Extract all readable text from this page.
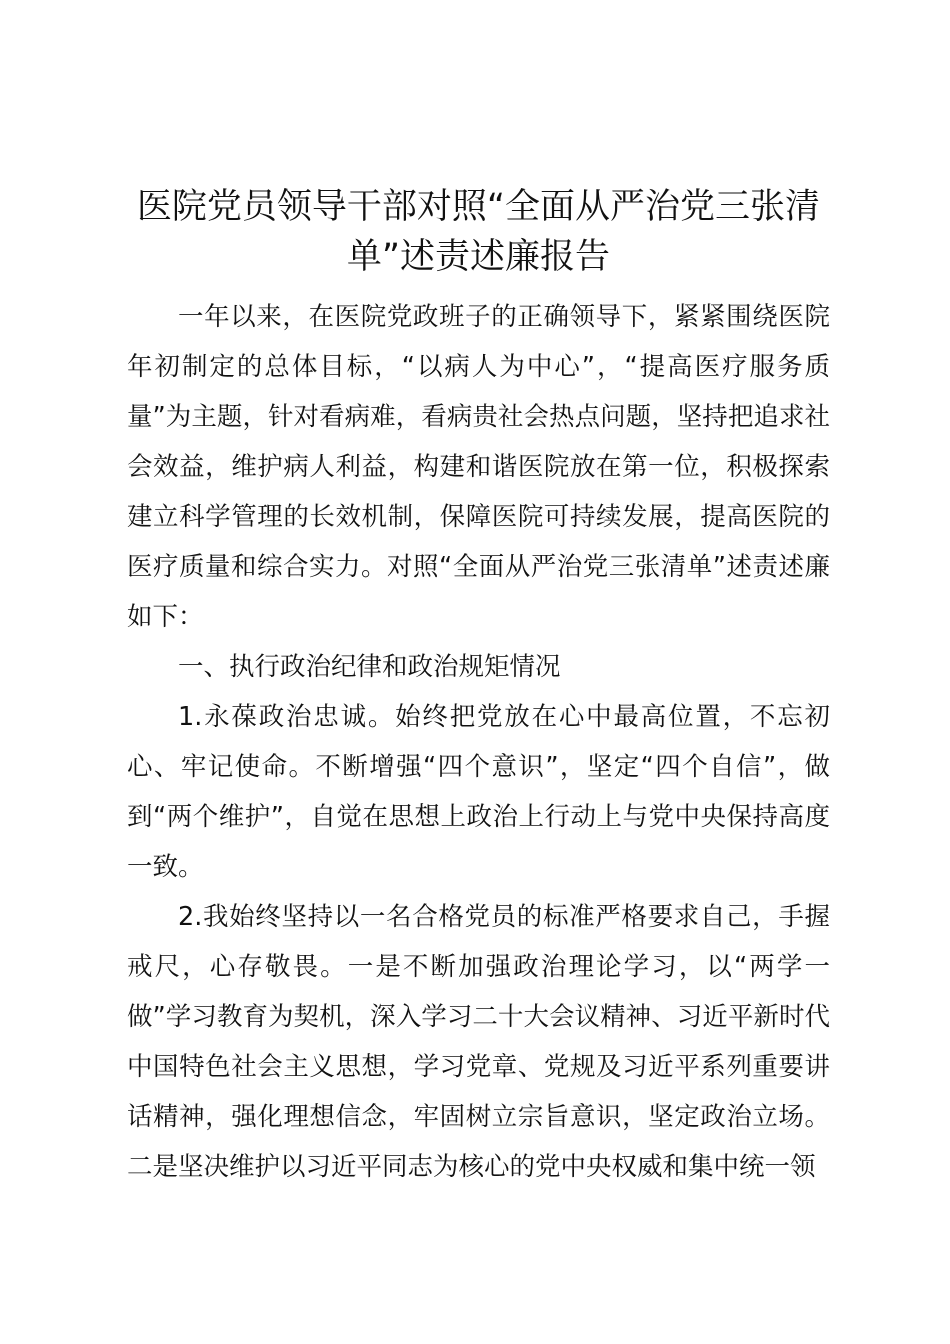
医院党员领导干部对照“全面从严治党三张清单”述责述廉报告

一年以来，在医院党政班子的正确领导下，紧紧围绕医院年初制定的总体目标，“以病人为中心”，“提高医疗服务质量”为主题，针对看病难，看病贵社会热点问题，坚持把追求社会效益，维护病人利益，构建和谐医院放在第一位，积极探索建立科学管理的长效机制，保障医院可持续发展，提高医院的医疗质量和综合实力。对照“全面从严治党三张清单”述责述廉如下：

一、执行政治纪律和政治规矩情况

1.永葆政治忠诚。始终把党放在心中最高位置，不忘初心、牢记使命。不断增强“四个意识”，坚定“四个自信”，做到“两个维护”，自觉在思想上政治上行动上与党中央保持高度一致。

2.我始终坚持以一名合格党员的标准严格要求自己，手握戒尺，心存敬畏。一是不断加强政治理论学习，以“两学一做”学习教育为契机，深入学习二十大会议精神、习近平新时代中国特色社会主义思想，学习党章、党规及习近平系列重要讲话精神，强化理想信念，牢固树立宗旨意识，坚定政治立场。二是坚决维护以习近平同志为核心的党中央权威和集中统一领
